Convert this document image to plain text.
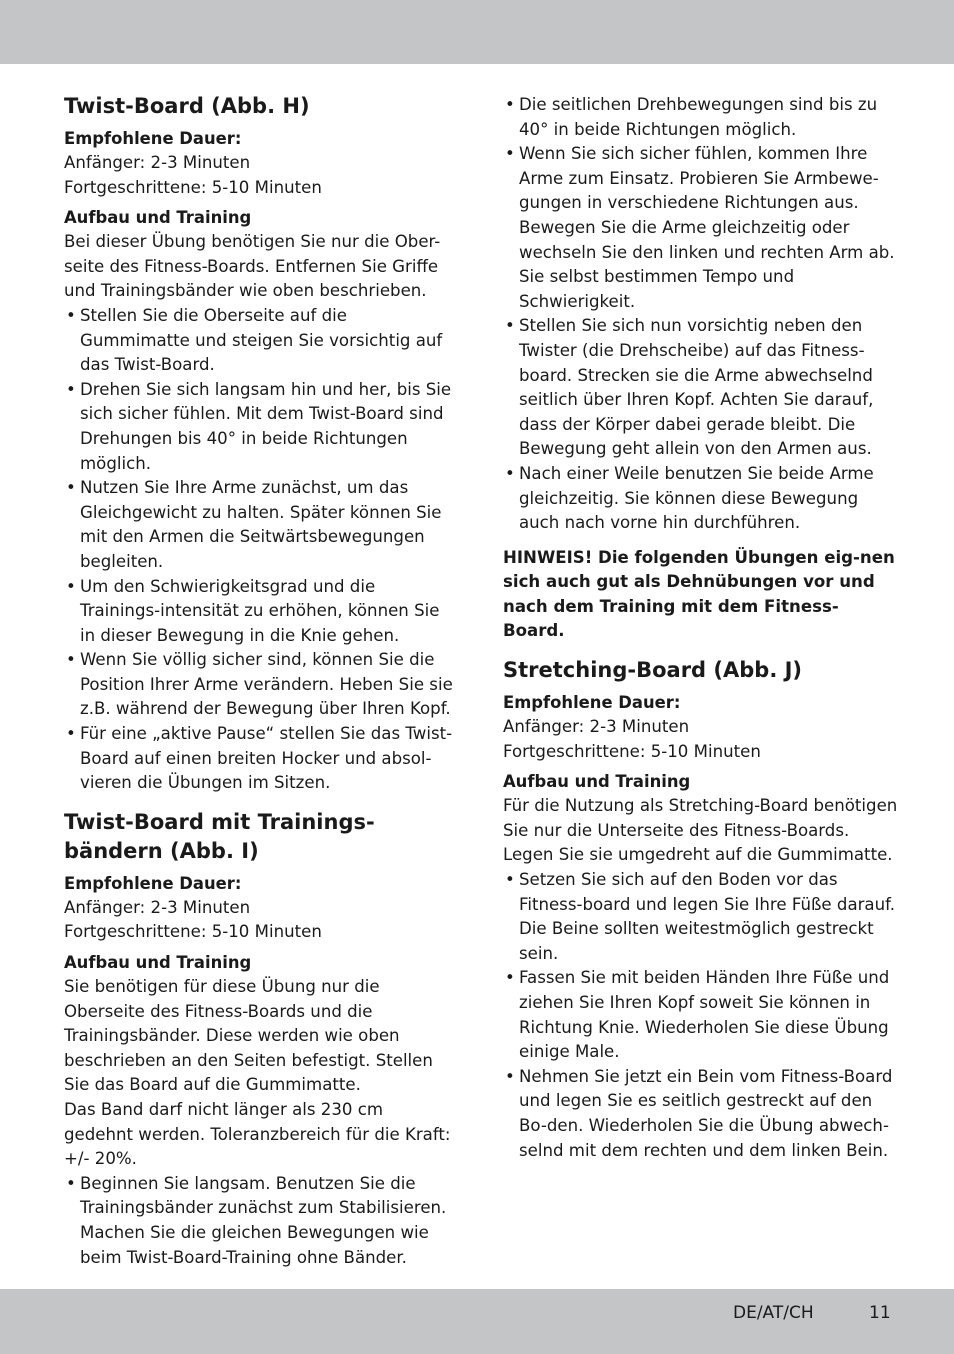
Twist-Board (Abb. H)
Empfohlene Dauer:

Anfänger: 2-3 Minuten

Fortgeschrittene: 5-10 Minuten

Aufbau und Training

Bei dieser Übung benötigen Sie nur die Ober-seite des Fitness-Boards. Entfernen Sie Griffe und Trainingsbänder wie oben beschrieben.

• Stellen Sie die Oberseite auf die Gummimatte und steigen Sie vorsichtig auf das Twist-Board.
• Drehen Sie sich langsam hin und her, bis Sie sich sicher fühlen. Mit dem Twist-Board sind Drehungen bis 40° in beide Richtungen möglich.
• Nutzen Sie Ihre Arme zunächst, um das Gleichgewicht zu halten. Später können Sie mit den Armen die Seitwärtsbewegungen begleiten.
• Um den Schwierigkeitsgrad und die Trainings-intensität zu erhöhen, können Sie in dieser Bewegung in die Knie gehen.
• Wenn Sie völlig sicher sind, können Sie die Position Ihrer Arme verändern. Heben Sie sie z.B. während der Bewegung über Ihren Kopf.
• Für eine „aktive Pause“ stellen Sie das Twist-Board auf einen breiten Hocker und absol-vieren die Übungen im Sitzen.
Twist-Board mit Trainings-bändern (Abb. I)
Empfohlene Dauer:

Anfänger: 2-3 Minuten

Fortgeschrittene: 5-10 Minuten

Aufbau und Training

Sie benötigen für diese Übung nur die Oberseite des Fitness-Boards und die Trainingsbänder. Diese werden wie oben beschrieben an den Seiten befestigt. Stellen Sie das Board auf die Gummimatte.

Das Band darf nicht länger als 230 cm gedehnt werden. Toleranzbereich für die Kraft: +/- 20%.

• Beginnen Sie langsam. Benutzen Sie die Trainingsbänder zunächst zum Stabilisieren. Machen Sie die gleichen Bewegungen wie beim Twist-Board-Training ohne Bänder.
• Die seitlichen Drehbewegungen sind bis zu 40° in beide Richtungen möglich.
• Wenn Sie sich sicher fühlen, kommen Ihre Arme zum Einsatz. Probieren Sie Armbewe-gungen in verschiedene Richtungen aus. Bewegen Sie die Arme gleichzeitig oder wechseln Sie den linken und rechten Arm ab. Sie selbst bestimmen Tempo und Schwierigkeit.
• Stellen Sie sich nun vorsichtig neben den Twister (die Drehscheibe) auf das Fitness-board. Strecken sie die Arme abwechselnd seitlich über Ihren Kopf. Achten Sie darauf, dass der Körper dabei gerade bleibt. Die Bewegung geht allein von den Armen aus.
• Nach einer Weile benutzen Sie beide Arme gleichzeitig. Sie können diese Bewegung auch nach vorne hin durchführen.

HINWEIS! Die folgenden Übungen eig-nen sich auch gut als Dehnübungen vor und nach dem Training mit dem Fitness-Board.

Stretching-Board (Abb. J)
Empfohlene Dauer:

Anfänger: 2-3 Minuten

Fortgeschrittene: 5-10 Minuten

Aufbau und Training

Für die Nutzung als Stretching-Board benötigen Sie nur die Unterseite des Fitness-Boards. Legen Sie sie umgedreht auf die Gummimatte.

• Setzen Sie sich auf den Boden vor das Fitness-board und legen Sie Ihre Füße darauf. Die Beine sollten weitestmöglich gestreckt sein.
• Fassen Sie mit beiden Händen Ihre Füße und ziehen Sie Ihren Kopf soweit Sie können in Richtung Knie. Wiederholen Sie diese Übung einige Male.
• Nehmen Sie jetzt ein Bein vom Fitness-Board und legen Sie es seitlich gestreckt auf den Bo-den. Wiederholen Sie die Übung abwech-selnd mit dem rechten und dem linken Bein.
DE/AT/CH	11
